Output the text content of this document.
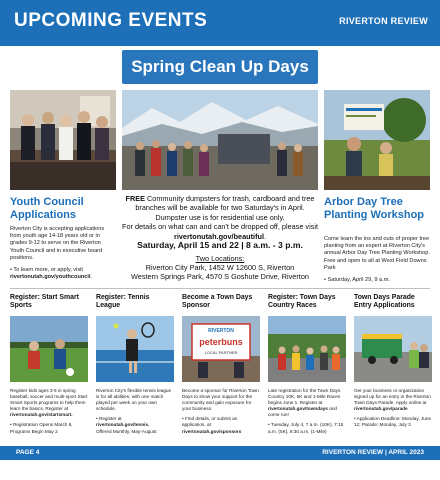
UPCOMING EVENTS	RIVERTON REVIEW
Spring Clean Up Days
Youth Council Applications
Riverton City is accepting applications from youth age 14-18 years old or in grades 9-12 to serve on the Riverton Youth Council and in executive board positions.
• To learn more, or apply, visit rivertonutah.gov/youthcouncil.
FREE Community dumpsters for trash, cardboard and tree branches will be available for two Saturday's in April.
Dumpster use is for residential use only.
For details on what can and can't be dropped off, please visit rivertonutah.gov/beautiful.
Saturday, April 15 and 22 | 8 a.m. - 3 p.m.
Two Locations:
Riverton City Park, 1452 W 12600 S, Riverton
Western Springs Park, 4570 S Goshute Drive, Riverton
Arbor Day Tree Planting Workshop
Come learn the ins and outs of proper tree planting from an expert at Riverton City's annual Arbor Day Tree Planting Workshop. Free and open to all at West Field Downs Park
• Saturday, April 29, 9 a.m.
Register: Start Smart Sports
Register kids ages 3-5 in spring baseball, soccer and multi-sport Start Smart Sports programs to help them learn the basics. Register at rivertonutah.gov/startsmart.
• Registration Opens March 6, Programs Begin May 2
Register: Tennis League
Riverton City's flexible tennis league is for all abilities, with one match played per week on your own schedule.
• Register at
rivertonutah.gov/tennis.
Offered Monthly, May-August
Become a Town Days Sponsor
RIVERTON
peterbuns
LOCAL PARTNER
Become a sponsor for Riverton Town Days to show your support for the community and gain exposure for your business.
• Find details, or submit an application, at rivertonutah.gov/sponsors
Register: Town Days Country Races
Late registration for the Town Days Country 10K, 5K and 1-Mile Races begins June 1. Register at rivertonutah.gov/towndays and come run!
• Tuesday, July 4, 7 a.m. (10K), 7:15 a.m. (5K), 8:30 a.m. (1-Mile)
Town Days Parade Entry Applications
Get your business or organization signed up for an entry in the Riverton Town Days Parade. Apply online at rivertonutah.gov/parade
• Application Deadline: Monday, June 12; Parade: Monday, July 3
PAGE 4	RIVERTON REVIEW | APRIL 2023
